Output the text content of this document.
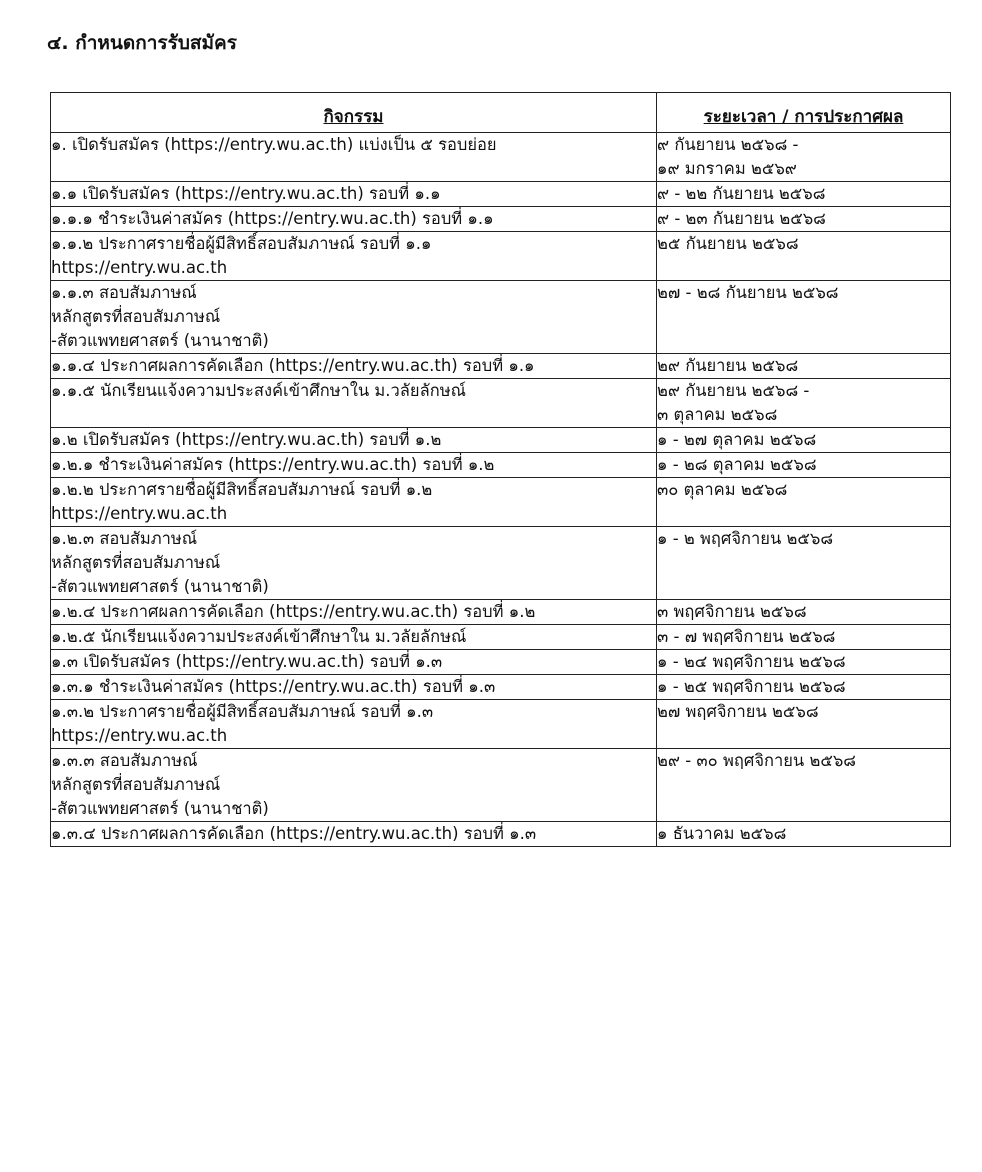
๔. กำหนดการรับสมัคร
กิจกรรม	ระยะเวลา / การประกาศผล

๑. เปิดรับสมัคร (https://entry.wu.ac.th) แบ่งเป็น ๕ รอบย่อย	๙ กันยายน ๒๕๖๘ -
๑๙ มกราคม ๒๕๖๙

๑.๑ เปิดรับสมัคร (https://entry.wu.ac.th) รอบที่ ๑.๑	๙ - ๒๒ กันยายน ๒๕๖๘

๑.๑.๑ ชำระเงินค่าสมัคร (https://entry.wu.ac.th) รอบที่ ๑.๑	๙ - ๒๓ กันยายน ๒๕๖๘

๑.๑.๒ ประกาศรายชื่อผู้มีสิทธิ์สอบสัมภาษณ์ รอบที่ ๑.๑
https://entry.wu.ac.th	๒๕ กันยายน ๒๕๖๘

๑.๑.๓ สอบสัมภาษณ์
หลักสูตรที่สอบสัมภาษณ์
-สัตวแพทยศาสตร์ (นานาชาติ)	๒๗ - ๒๘ กันยายน ๒๕๖๘

๑.๑.๔ ประกาศผลการคัดเลือก (https://entry.wu.ac.th) รอบที่ ๑.๑	๒๙ กันยายน ๒๕๖๘

๑.๑.๕ นักเรียนแจ้งความประสงค์เข้าศึกษาใน ม.วลัยลักษณ์	๒๙ กันยายน ๒๕๖๘ -
๓ ตุลาคม ๒๕๖๘

๑.๒ เปิดรับสมัคร (https://entry.wu.ac.th) รอบที่ ๑.๒	๑ - ๒๗ ตุลาคม ๒๕๖๘

๑.๒.๑ ชำระเงินค่าสมัคร (https://entry.wu.ac.th) รอบที่ ๑.๒	๑ - ๒๘ ตุลาคม ๒๕๖๘

๑.๒.๒ ประกาศรายชื่อผู้มีสิทธิ์สอบสัมภาษณ์ รอบที่ ๑.๒
https://entry.wu.ac.th	๓๐ ตุลาคม ๒๕๖๘

๑.๒.๓ สอบสัมภาษณ์
หลักสูตรที่สอบสัมภาษณ์
-สัตวแพทยศาสตร์ (นานาชาติ)	๑ - ๒ พฤศจิกายน ๒๕๖๘

๑.๒.๔ ประกาศผลการคัดเลือก (https://entry.wu.ac.th) รอบที่ ๑.๒	๓ พฤศจิกายน ๒๕๖๘

๑.๒.๕ นักเรียนแจ้งความประสงค์เข้าศึกษาใน ม.วลัยลักษณ์	๓ - ๗ พฤศจิกายน ๒๕๖๘

๑.๓ เปิดรับสมัคร (https://entry.wu.ac.th) รอบที่ ๑.๓	๑ - ๒๔ พฤศจิกายน ๒๕๖๘

๑.๓.๑ ชำระเงินค่าสมัคร (https://entry.wu.ac.th) รอบที่ ๑.๓	๑ - ๒๕ พฤศจิกายน ๒๕๖๘

๑.๓.๒ ประกาศรายชื่อผู้มีสิทธิ์สอบสัมภาษณ์ รอบที่ ๑.๓
https://entry.wu.ac.th	๒๗ พฤศจิกายน ๒๕๖๘

๑.๓.๓ สอบสัมภาษณ์
หลักสูตรที่สอบสัมภาษณ์
-สัตวแพทยศาสตร์ (นานาชาติ)	๒๙ - ๓๐ พฤศจิกายน ๒๕๖๘

๑.๓.๔ ประกาศผลการคัดเลือก (https://entry.wu.ac.th) รอบที่ ๑.๓	๑ ธันวาคม ๒๕๖๘
